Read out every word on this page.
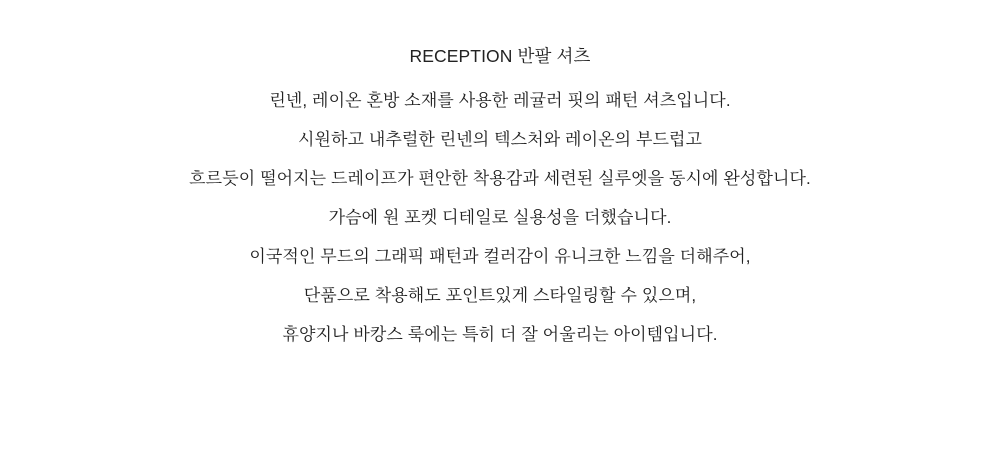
RECEPTION 반팔 셔츠
린넨, 레이온 혼방 소재를 사용한 레귤러 핏의 패턴 셔츠입니다.
시원하고 내추럴한 린넨의 텍스처와 레이온의 부드럽고
흐르듯이 떨어지는 드레이프가 편안한 착용감과 세련된 실루엣을 동시에 완성합니다.
가슴에 원 포켓 디테일로 실용성을 더했습니다.
이국적인 무드의 그래픽 패턴과 컬러감이 유니크한 느낌을 더해주어,
단품으로 착용해도 포인트있게 스타일링할 수 있으며,
휴양지나 바캉스 룩에는 특히 더 잘 어울리는 아이템입니다.
